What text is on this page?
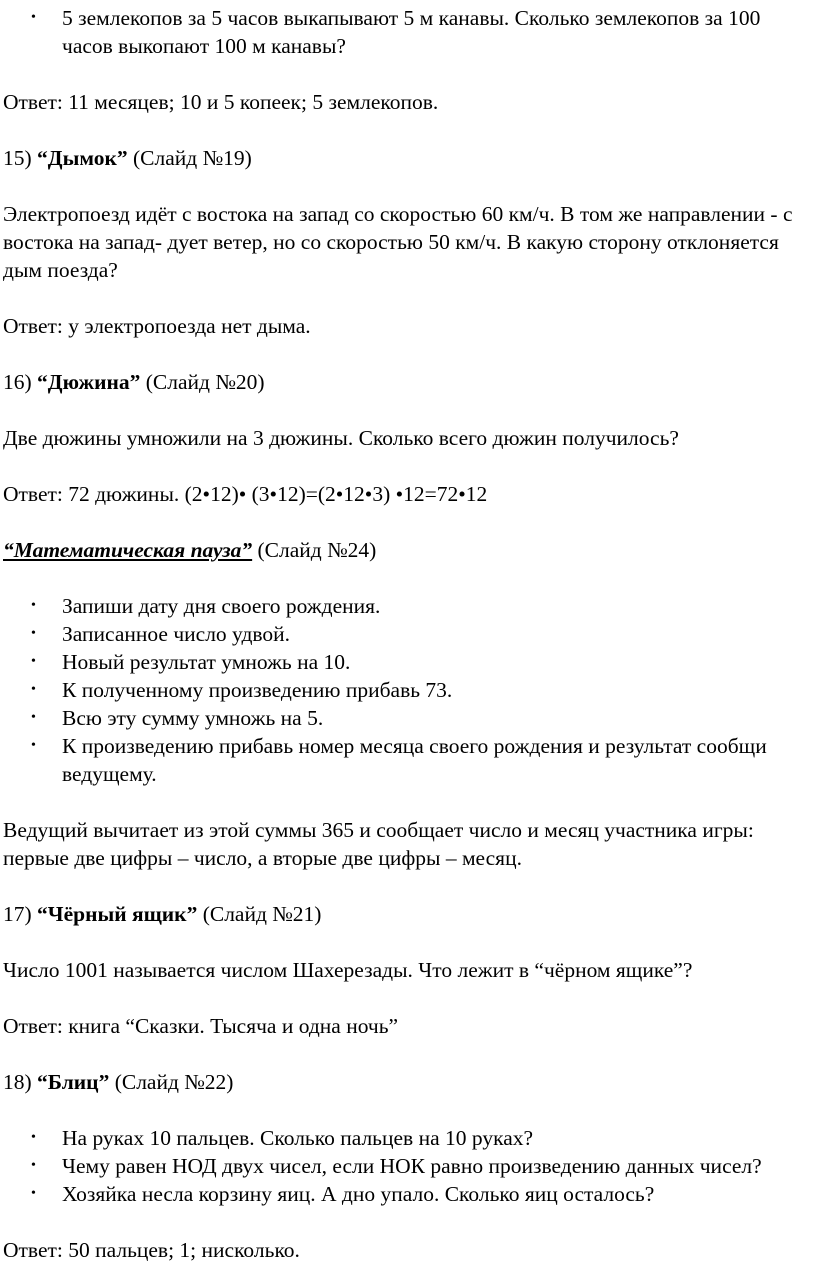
• 5 землекопов за 5 часов выкапывают 5 м канавы. Сколько землекопов за 100 часов выкопают 100 м канавы?

Ответ: 11 месяцев; 10 и 5 копеек; 5 землекопов.

15) “Дымок” (Слайд №19)

Электропоезд идёт с востока на запад со скоростью 60 км/ч. В том же направлении - с востока на запад- дует ветер, но со скоростью 50 км/ч. В какую сторону отклоняется дым поезда?

Ответ: у электропоезда нет дыма.

16) “Дюжина” (Слайд №20)

Две дюжины умножили на 3 дюжины. Сколько всего дюжин получилось?

Ответ: 72 дюжины. (2•12)• (3•12)=(2•12•3) •12=72•12

“Математическая пауза” (Слайд №24)

• Запиши дату дня своего рождения.
• Записанное число удвой.
• Новый результат умножь на 10.
• К полученному произведению прибавь 73.
• Всю эту сумму умножь на 5.
• К произведению прибавь номер месяца своего рождения и результат сообщи ведущему.

Ведущий вычитает из этой суммы 365 и сообщает число и месяц участника игры: первые две цифры – число, а вторые две цифры – месяц.

17) “Чёрный ящик” (Слайд №21)

Число 1001 называется числом Шахерезады. Что лежит в “чёрном ящике”?

Ответ: книга “Сказки. Тысяча и одна ночь”

18) “Блиц” (Слайд №22)

• На руках 10 пальцев. Сколько пальцев на 10 руках?
• Чему равен НОД двух чисел, если НОК равно произведению данных чисел?
• Хозяйка несла корзину яиц. А дно упало. Сколько яиц осталось?

Ответ: 50 пальцев; 1; нисколько.
